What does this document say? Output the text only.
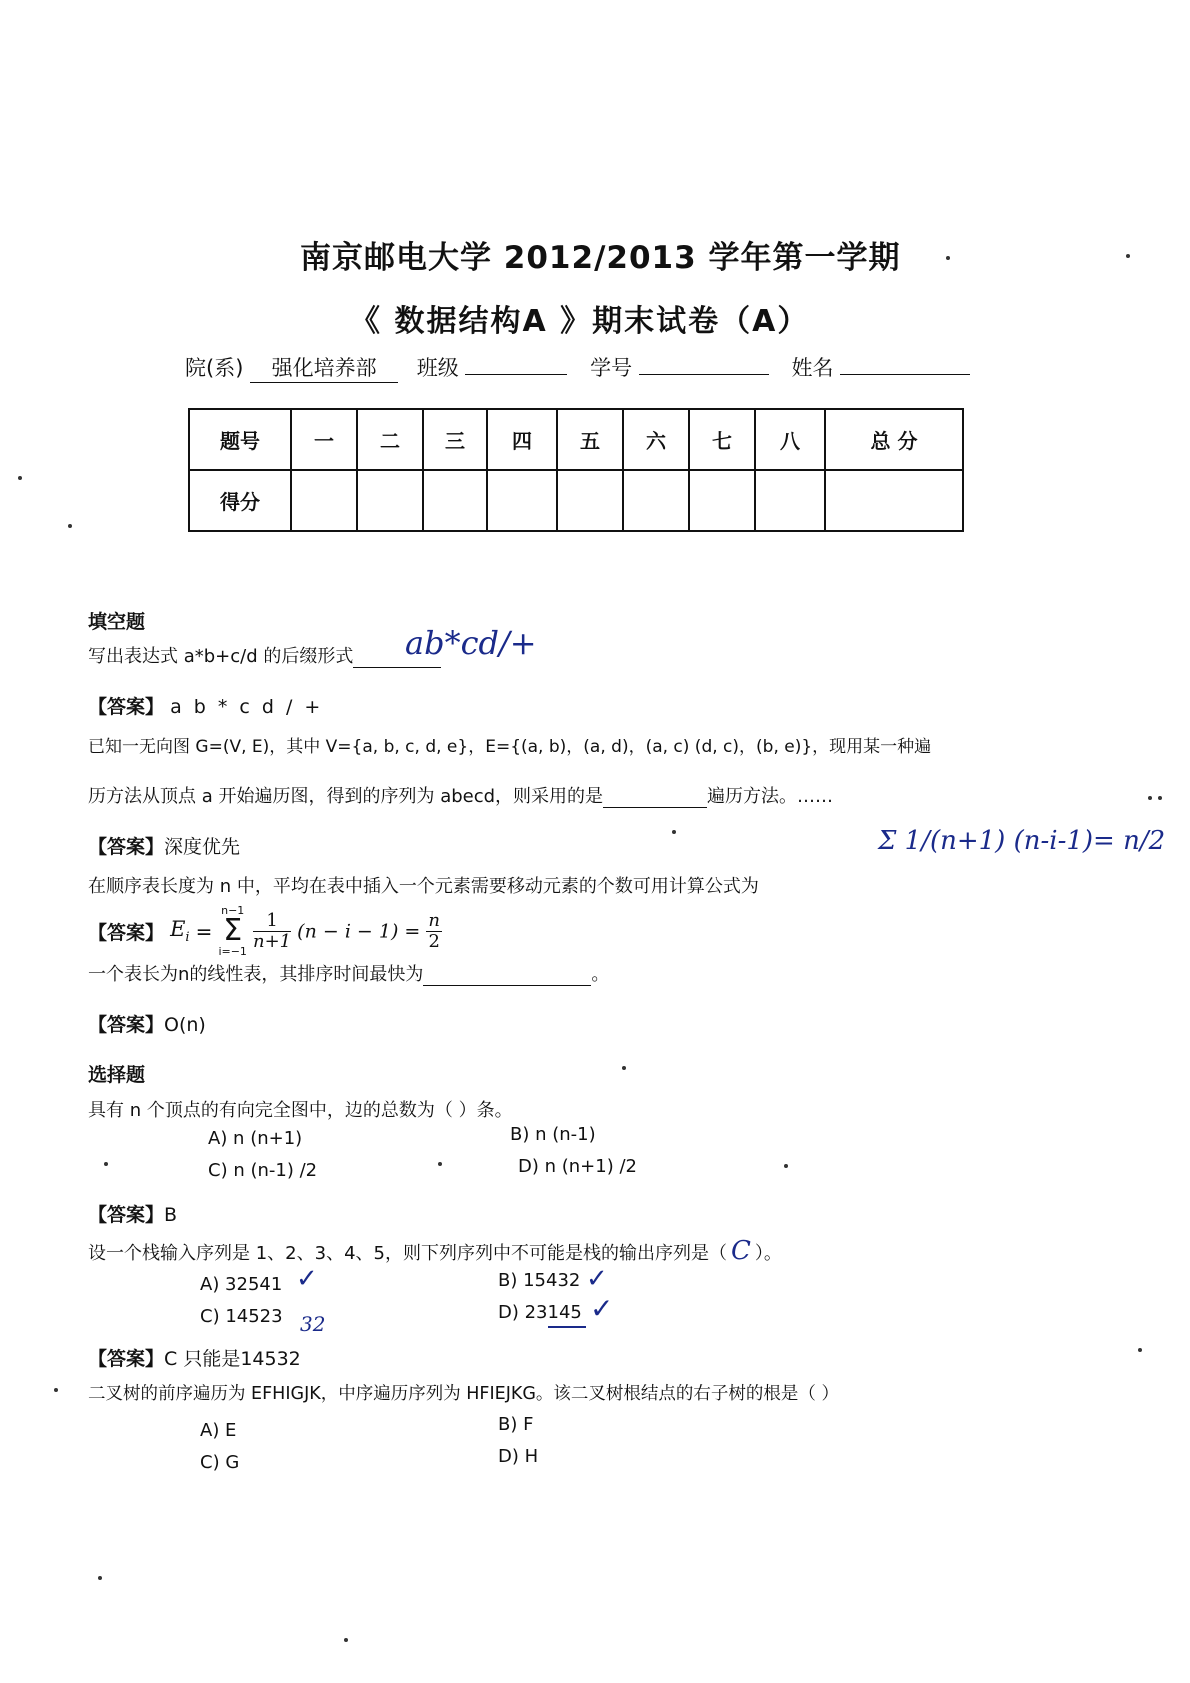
南京邮电大学 2012/2013 学年第一学期
《 数据结构A 》期末试卷（A）
院(系) 强化培养部 班级	学号	姓名
题号	一	二	三	四	五	六	七	八	总 分
得分									
填空题
写出表达式 a*b+c/d 的后缀形式	ab*cd/+
【答案】 a b * c d / +
已知一无向图 G=(V, E)，其中 V={a, b, c, d, e}，E={(a, b)，(a, d)，(a, c) (d, c)，(b, e)}，现用某一种遍
历方法从顶点 a 开始遍历图，得到的序列为 abecd，则采用的是	遍历方法。……
【答案】深度优先
在顺序表长度为 n 中，平均在表中插入一个元素需要移动元素的个数可用计算公式为
Σ 1/(n+1) (n-i-1)= n/2
【答案】 $E_i$ =
n−1
Σ
i=−1
$\frac{1}{n+1} (n - i - 1) = \frac{n}{2}$
一个表长为n的线性表，其排序时间最快为	。
【答案】O(n)
选择题
具有 n 个顶点的有向完全图中，边的总数为（ ）条。
A) n (n+1)	B) n (n-1)
C) n (n-1) /2	D) n (n+1) /2
【答案】B
设一个栈输入序列是 1、2、3、4、5，则下列序列中不可能是栈的输出序列是（ C ）。
A) 32541 ✓	B) 15432 ✓
C) 14523 32	D) 23145 ✓
【答案】C 只能是14532
二叉树的前序遍历为 EFHIGJK，中序遍历序列为 HFIEJKG。该二叉树根结点的右子树的根是（ ）
A) E	B) F
C) G	D) H
